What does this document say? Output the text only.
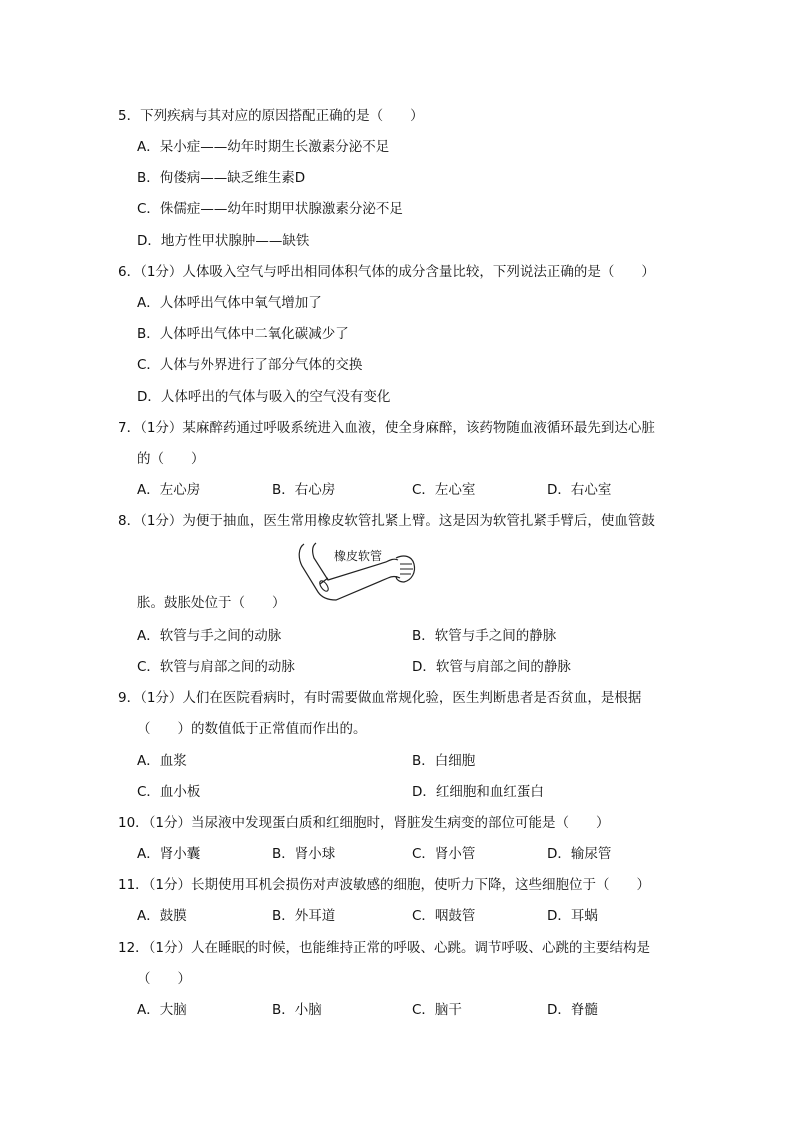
5．下列疾病与其对应的原因搭配正确的是（　　）
A．呆小症——幼年时期生长激素分泌不足
B．佝偻病——缺乏维生素D
C．侏儒症——幼年时期甲状腺激素分泌不足
D．地方性甲状腺肿——缺铁
6．（1分）人体吸入空气与呼出相同体积气体的成分含量比较，下列说法正确的是（　　）
A．人体呼出气体中氧气增加了
B．人体呼出气体中二氧化碳减少了
C．人体与外界进行了部分气体的交换
D．人体呼出的气体与吸入的空气没有变化
7．（1分）某麻醉药通过呼吸系统进入血液，使全身麻醉，该药物随血液循环最先到达心脏
的（　　）
A．左心房	B．右心房	C．左心室	D．右心室
8．（1分）为便于抽血，医生常用橡皮软管扎紧上臂。这是因为软管扎紧手臂后，使血管鼓
橡皮软管
胀。鼓胀处位于（　　）
A．软管与手之间的动脉	B．软管与手之间的静脉
C．软管与肩部之间的动脉	D．软管与肩部之间的静脉
9．（1分）人们在医院看病时，有时需要做血常规化验，医生判断患者是否贫血，是根据
（　　）的数值低于正常值而作出的。
A．血浆	B．白细胞
C．血小板	D．红细胞和血红蛋白
10．（1分）当尿液中发现蛋白质和红细胞时，肾脏发生病变的部位可能是（　　）
A．肾小囊	B．肾小球	C．肾小管	D．输尿管
11．（1分）长期使用耳机会损伤对声波敏感的细胞，使听力下降，这些细胞位于（　　）
A．鼓膜	B．外耳道	C．咽鼓管	D．耳蜗
12．（1分）人在睡眠的时候，也能维持正常的呼吸、心跳。调节呼吸、心跳的主要结构是
（　　）
A．大脑	B．小脑	C．脑干	D．脊髓
